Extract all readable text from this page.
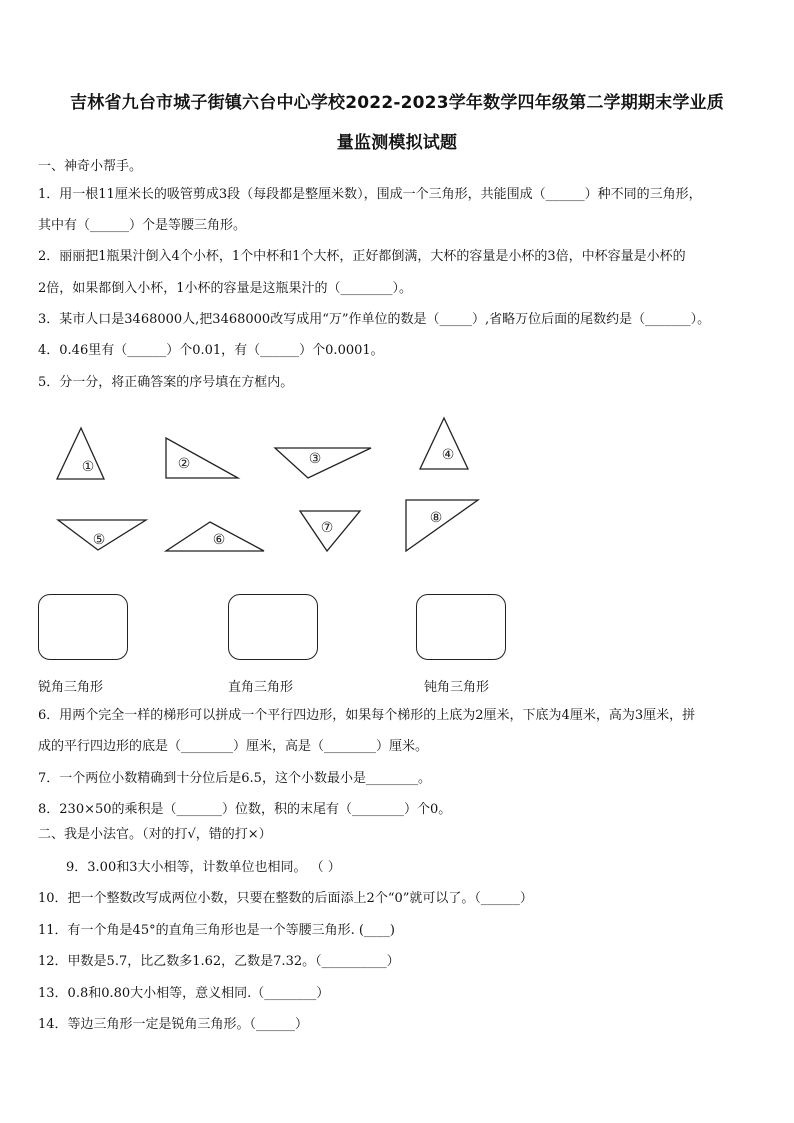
吉林省九台市城子街镇六台中心学校2022-2023学年数学四年级第二学期期末学业质
量监测模拟试题
一、神奇小帮手。
1．用一根11厘米长的吸管剪成3段（每段都是整厘米数），围成一个三角形，共能围成（______）种不同的三角形，
其中有（______）个是等腰三角形。
2．丽丽把1瓶果汁倒入4个小杯，1个中杯和1个大杯，正好都倒满，大杯的容量是小杯的3倍，中杯容量是小杯的
2倍，如果都倒入小杯，1小杯的容量是这瓶果汁的（________）。
3．某市人口是3468000人,把3468000改写成用“万”作单位的数是（_____）,省略万位后面的尾数约是（_______）。
4．0.46里有（______）个0.01，有（______）个0.0001。
5．分一分，将正确答案的序号填在方框内。
①	②	③	④
⑤	⑥
⑦
⑧
锐角三角形	直角三角形	钝角三角形
6．用两个完全一样的梯形可以拼成一个平行四边形，如果每个梯形的上底为2厘米，下底为4厘米，高为3厘米，拼
成的平行四边形的底是（________）厘米，高是（________）厘米。
7．一个两位小数精确到十分位后是6.5，这个小数最小是________。
8．230×50的乘积是（_______）位数，积的末尾有（________）个0。
二、我是小法官。（对的打√，错的打×）
9．3.00和3大小相等，计数单位也相同。 （ ）
10．把一个整数改写成两位小数，只要在整数的后面添上2个“0”就可以了。（______）
11．有一个角是45°的直角三角形也是一个等腰三角形. (____)
12．甲数是5.7，比乙数多1.62，乙数是7.32。（__________）
13．0.8和0.80大小相等，意义相同.（________）
14．等边三角形一定是锐角三角形。（______）
